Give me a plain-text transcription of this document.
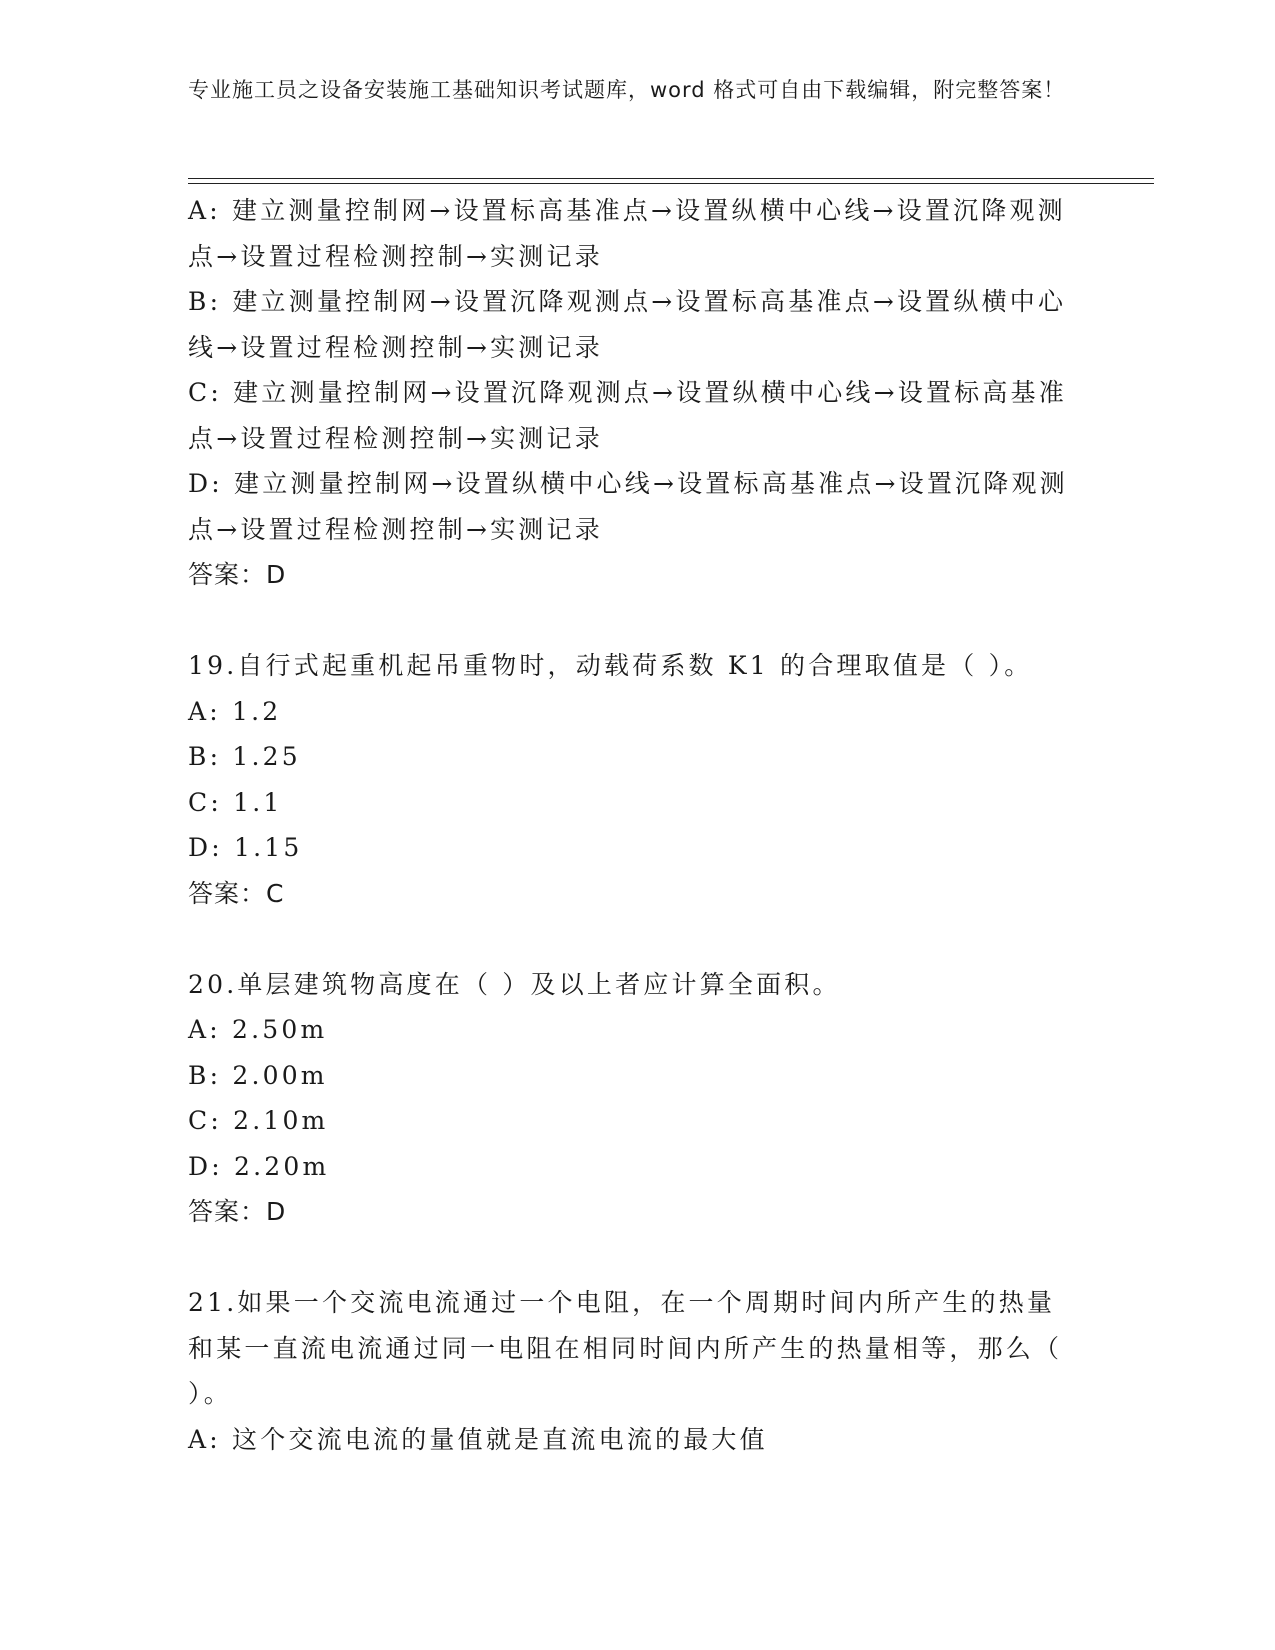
专业施工员之设备安装施工基础知识考试题库，word 格式可自由下载编辑，附完整答案！

A: 建立测量控制网→设置标高基准点→设置纵横中心线→设置沉降观测点→设置过程检测控制→实测记录

B: 建立测量控制网→设置沉降观测点→设置标高基准点→设置纵横中心线→设置过程检测控制→实测记录

C: 建立测量控制网→设置沉降观测点→设置纵横中心线→设置标高基准点→设置过程检测控制→实测记录

D: 建立测量控制网→设置纵横中心线→设置标高基准点→设置沉降观测点→设置过程检测控制→实测记录

答案：D

19.自行式起重机起吊重物时，动载荷系数 K1 的合理取值是（ ）。

A: 1.2

B: 1.25

C: 1.1

D: 1.15

答案：C

20.单层建筑物高度在（ ）及以上者应计算全面积。

A: 2.50m

B: 2.00m

C: 2.10m

D: 2.20m

答案：D

21.如果一个交流电流通过一个电阻，在一个周期时间内所产生的热量和某一直流电流通过同一电阻在相同时间内所产生的热量相等，那么（ ）。

A: 这个交流电流的量值就是直流电流的最大值
